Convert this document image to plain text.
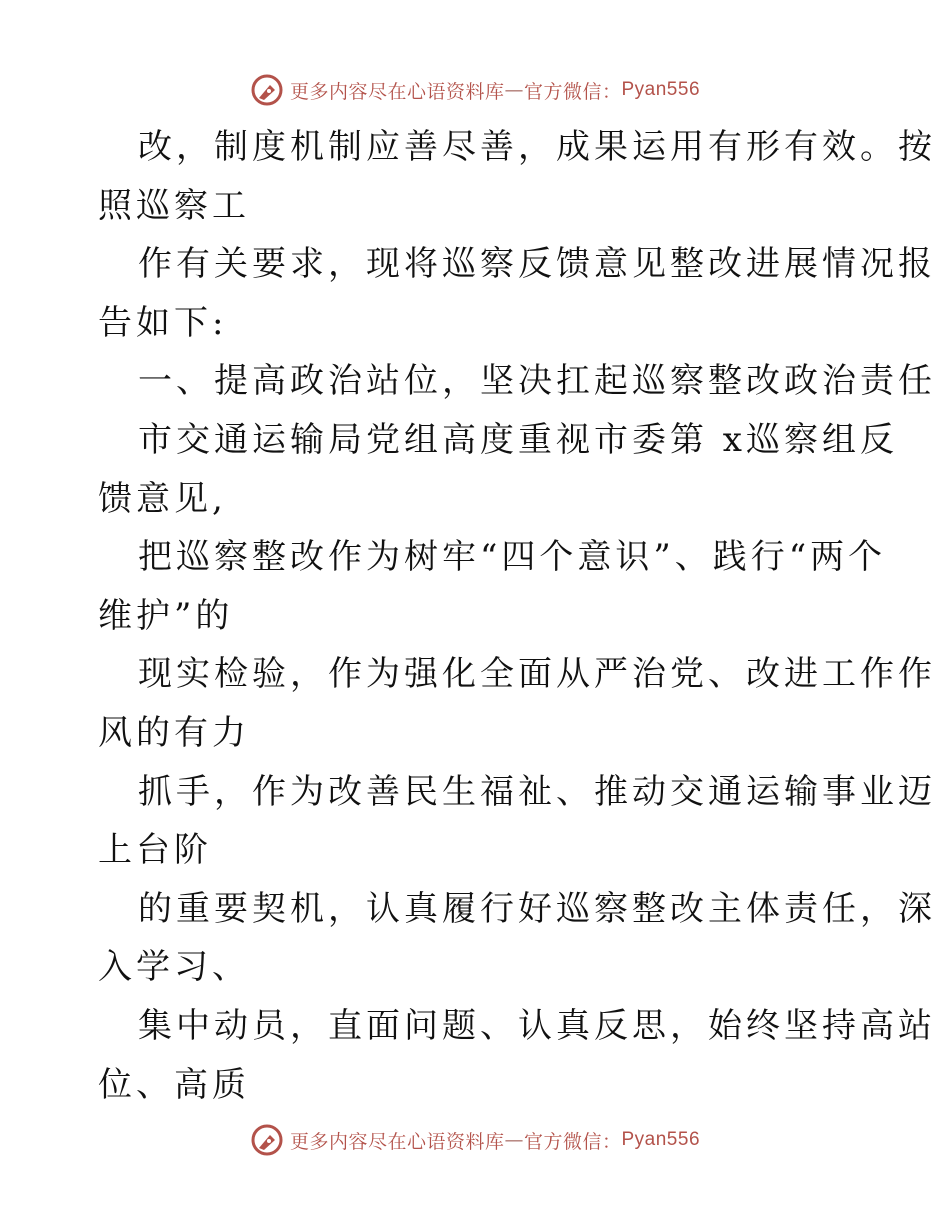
更多内容尽在心语资料库 — 官方微信： Pyan556
改，制度机制应善尽善，成果运用有形有效。按
照巡察工
作有关要求，现将巡察反馈意见整改进展情况报
告如下:
一、提高政治站位，坚决扛起巡察整改政治责任
市交通运输局党组高度重视市委第 x巡察组反
馈意见,
把巡察整改作为树牢“四个意识”、践行“两个
维护”的
现实检验，作为强化全面从严治党、改进工作作
风的有力
抓手，作为改善民生福祉、推动交通运输事业迈
上台阶
的重要契机，认真履行好巡察整改主体责任，深
入学习、
集中动员，直面问题、认真反思，始终坚持高站
位、高质
更多内容尽在心语资料库 — 官方微信： Pyan556
